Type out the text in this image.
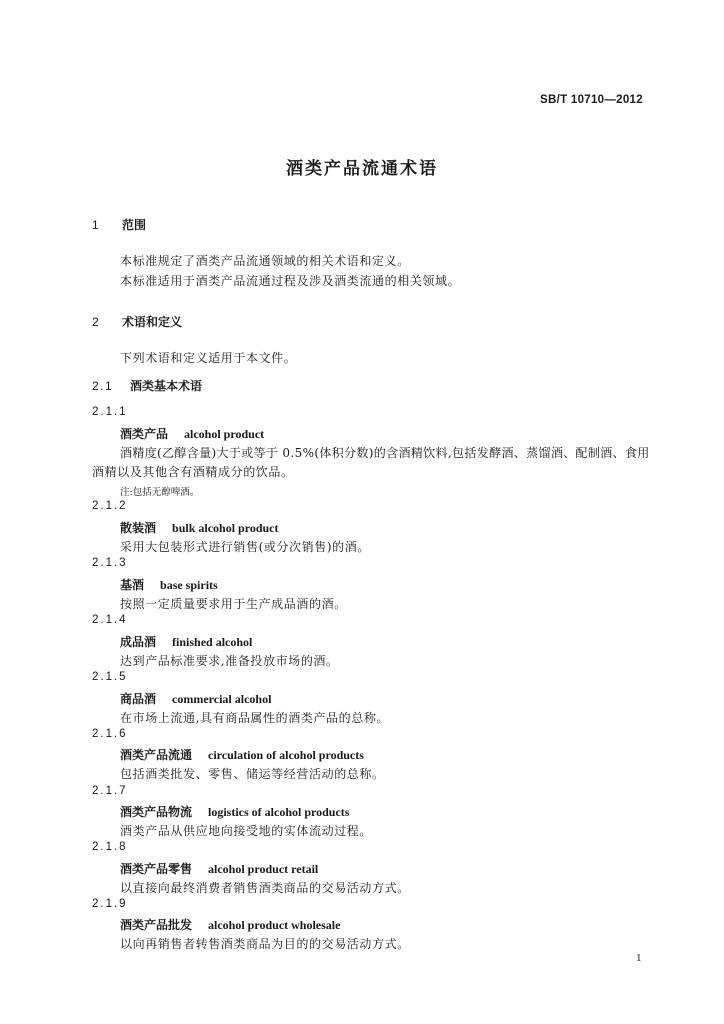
SB/T 10710—2012
酒类产品流通术语
1 范围
本标准规定了酒类产品流通领域的相关术语和定义。
本标准适用于酒类产品流通过程及涉及酒类流通的相关领域。
2 术语和定义
下列术语和定义适用于本文件。
2.1 酒类基本术语
2.1.1
酒类产品 alcohol product
酒精度(乙醇含量)大于或等于 0.5%(体积分数)的含酒精饮料,包括发酵酒、蒸馏酒、配制酒、食用
酒精以及其他含有酒精成分的饮品。
注:包括无醇啤酒。
2.1.2
散装酒 bulk alcohol product
采用大包装形式进行销售(或分次销售)的酒。
2.1.3
基酒 base spirits
按照一定质量要求用于生产成品酒的酒。
2.1.4
成品酒 finished alcohol
达到产品标准要求,准备投放市场的酒。
2.1.5
商品酒 commercial alcohol
在市场上流通,具有商品属性的酒类产品的总称。
2.1.6
酒类产品流通 circulation of alcohol products
包括酒类批发、零售、储运等经营活动的总称。
2.1.7
酒类产品物流 logistics of alcohol products
酒类产品从供应地向接受地的实体流动过程。
2.1.8
酒类产品零售 alcohol product retail
以直接向最终消费者销售酒类商品的交易活动方式。
2.1.9
酒类产品批发 alcohol product wholesale
以向再销售者转售酒类商品为目的的交易活动方式。
1
